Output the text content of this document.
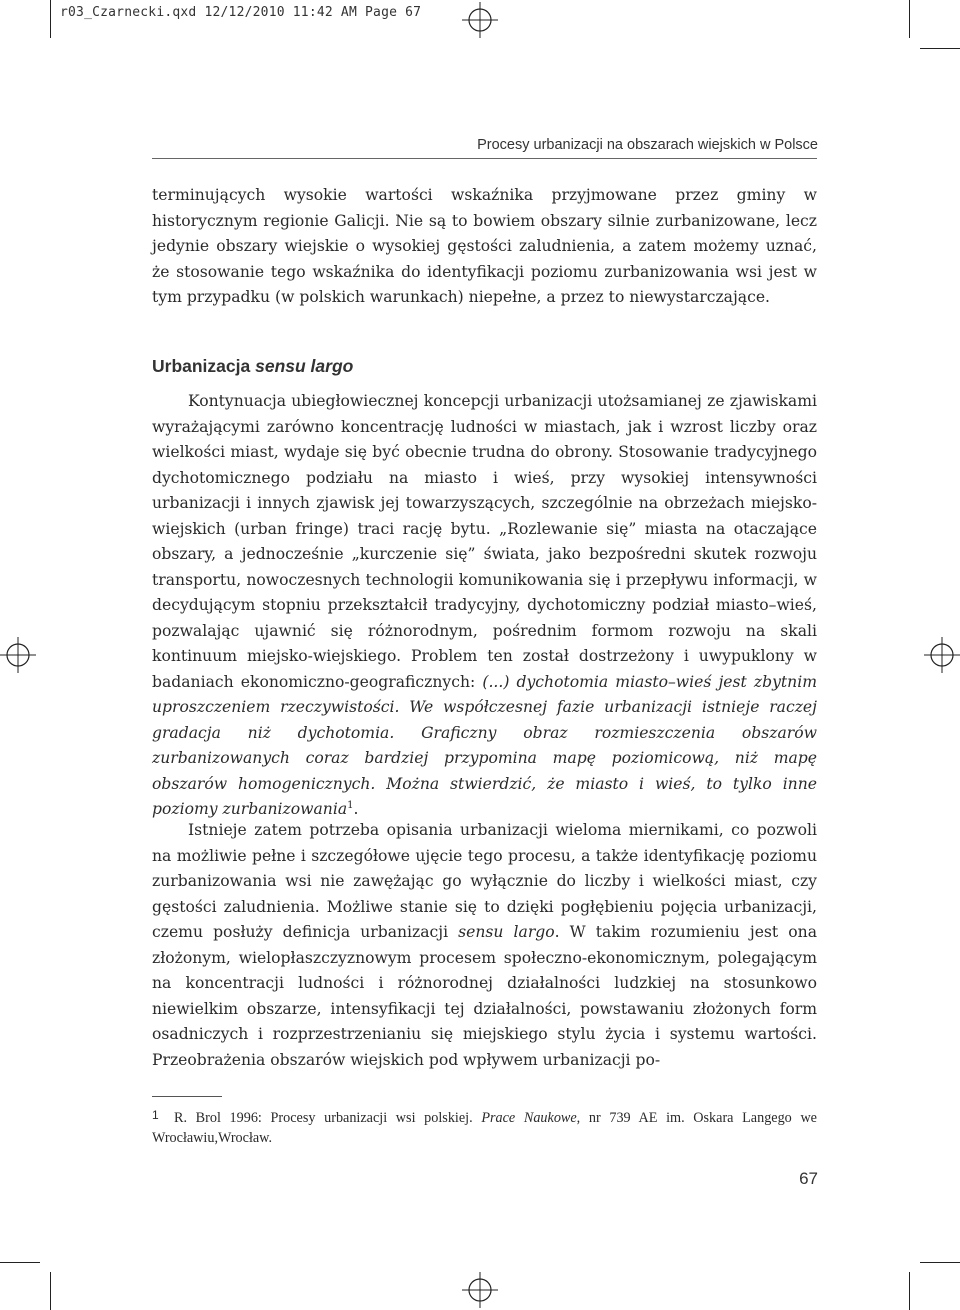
r03_Czarnecki.qxd 12/12/2010 11:42 AM Page 67
Procesy urbanizacji na obszarach wiejskich w Polsce

terminujących wysokie wartości wskaźnika przyjmowane przez gminy w historycznym regionie Galicji. Nie są to bowiem obszary silnie zurbanizowane, lecz jedynie obszary wiejskie o wysokiej gęstości zaludnienia, a zatem możemy uznać, że stosowanie tego wskaźnika do identyfikacji poziomu zurbanizowania wsi jest w tym przypadku (w polskich warunkach) niepełne, a przez to niewystarczające.

Urbanizacja sensu largo

Kontynuacja ubiegłowiecznej koncepcji urbanizacji utożsamianej ze zjawiskami wyrażającymi zarówno koncentrację ludności w miastach, jak i wzrost liczby oraz wielkości miast, wydaje się być obecnie trudna do obrony. Stosowanie tradycyjnego dychotomicznego podziału na miasto i wieś, przy wysokiej intensywności urbanizacji i innych zjawisk jej towarzyszących, szczególnie na obrzeżach miejsko-wiejskich (urban fringe) traci rację bytu. „Rozlewanie się” miasta na otaczające obszary, a jednocześnie „kurczenie się” świata, jako bezpośredni skutek rozwoju transportu, nowoczesnych technologii komunikowania się i przepływu informacji, w decydującym stopniu przekształcił tradycyjny, dychotomiczny podział miasto–wieś, pozwalając ujawnić się różnorodnym, pośrednim formom rozwoju na skali kontinuum miejsko-wiejskiego. Problem ten został dostrzeżony i uwypuklony w badaniach ekonomiczno-geograficznych: (...) dychotomia miasto–wieś jest zbytnim uproszczeniem rzeczywistości. We współczesnej fazie urbanizacji istnieje raczej gradacja niż dychotomia. Graficzny obraz rozmieszczenia obszarów zurbanizowanych coraz bardziej przypomina mapę poziomicową, niż mapę obszarów homogenicznych. Można stwierdzić, że miasto i wieś, to tylko inne poziomy zurbanizowania$^1$.

Istnieje zatem potrzeba opisania urbanizacji wieloma miernikami, co pozwoli na możliwie pełne i szczegółowe ujęcie tego procesu, a także identyfikację poziomu zurbanizowania wsi nie zawężając go wyłącznie do liczby i wielkości miast, czy gęstości zaludnienia. Możliwe stanie się to dzięki pogłębieniu pojęcia urbanizacji, czemu posłuży definicja urbanizacji sensu largo. W takim rozumieniu jest ona złożonym, wielopłaszczyznowym procesem społeczno-ekonomicznym, polegającym na koncentracji ludności i różnorodnej działalności ludzkiej na stosunkowo niewielkim obszarze, intensyfikacji tej działalności, powstawaniu złożonych form osadniczych i rozprzestrzenianiu się miejskiego stylu życia i systemu wartości. Przeobrażenia obszarów wiejskich pod wpływem urbanizacji po-

1 R. Brol 1996: Procesy urbanizacji wsi polskiej. Prace Naukowe, nr 739 AE im. Oskara Langego we Wrocławiu,Wrocław.

67
